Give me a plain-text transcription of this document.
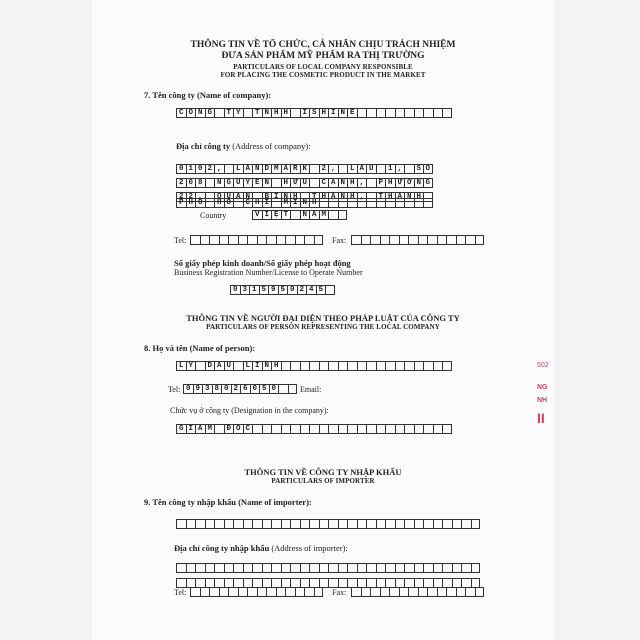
THÔNG TIN VỀ TỔ CHỨC, CÁ NHÂN CHỊU TRÁCH NHIỆM
ĐƯA SẢN PHẨM MỸ PHẨM RA THỊ TRƯỜNG
PARTICULARS OF LOCAL COMPANY RESPONSIBLE
FOR PLACING THE COSMETIC PRODUCT IN THE MARKET
7. Tên công ty (Name of company):
C Ô N G	T Y	T N H H	I S H I N E
Địa chỉ công ty (Address of company):
0 1 0 2 ,	L A N D M A R K	2 ,	L Ầ U	1 ,	S Ố
2 0 8	N G U Y Ễ N	H Ữ U	C Ả N H ,	P H Ư Ờ N G
2 2 ,	Q U Ậ N	B Ì N H	T H Ạ N H ,	T H À N H
P H Ố	H Ồ	C H Í	M I N H
Country	V I Ệ T	N A M
Tel:	Fax:
Số giấy phép kinh doanh/Số giấy phép hoạt động
Business Registration Number/License to Operate Number
0 3 1 5 9 5 0 2 4 5
THÔNG TIN VỀ NGƯỜI ĐẠI DIỆN THEO PHÁP LUẬT CỦA CÔNG TY
PARTICULARS OF PERSON REPRESENTING THE LOCAL COMPANY
8. Họ và tên (Name of person):
L Ý	D Ầ U	L Ĩ N H
Tel: 0 9 3 8 0 2 6 0 5 0	Email:
Chức vụ ở công ty (Designation in the company):
G I Á M	Đ Ố C
THÔNG TIN VỀ CÔNG TY NHẬP KHẨU
PARTICULARS OF IMPORTER
9. Tên công ty nhập khẩu (Name of importer):
Địa chỉ công ty nhập khẩu (Address of importer):
Tel:	Fax:
502
NG
NH
II
